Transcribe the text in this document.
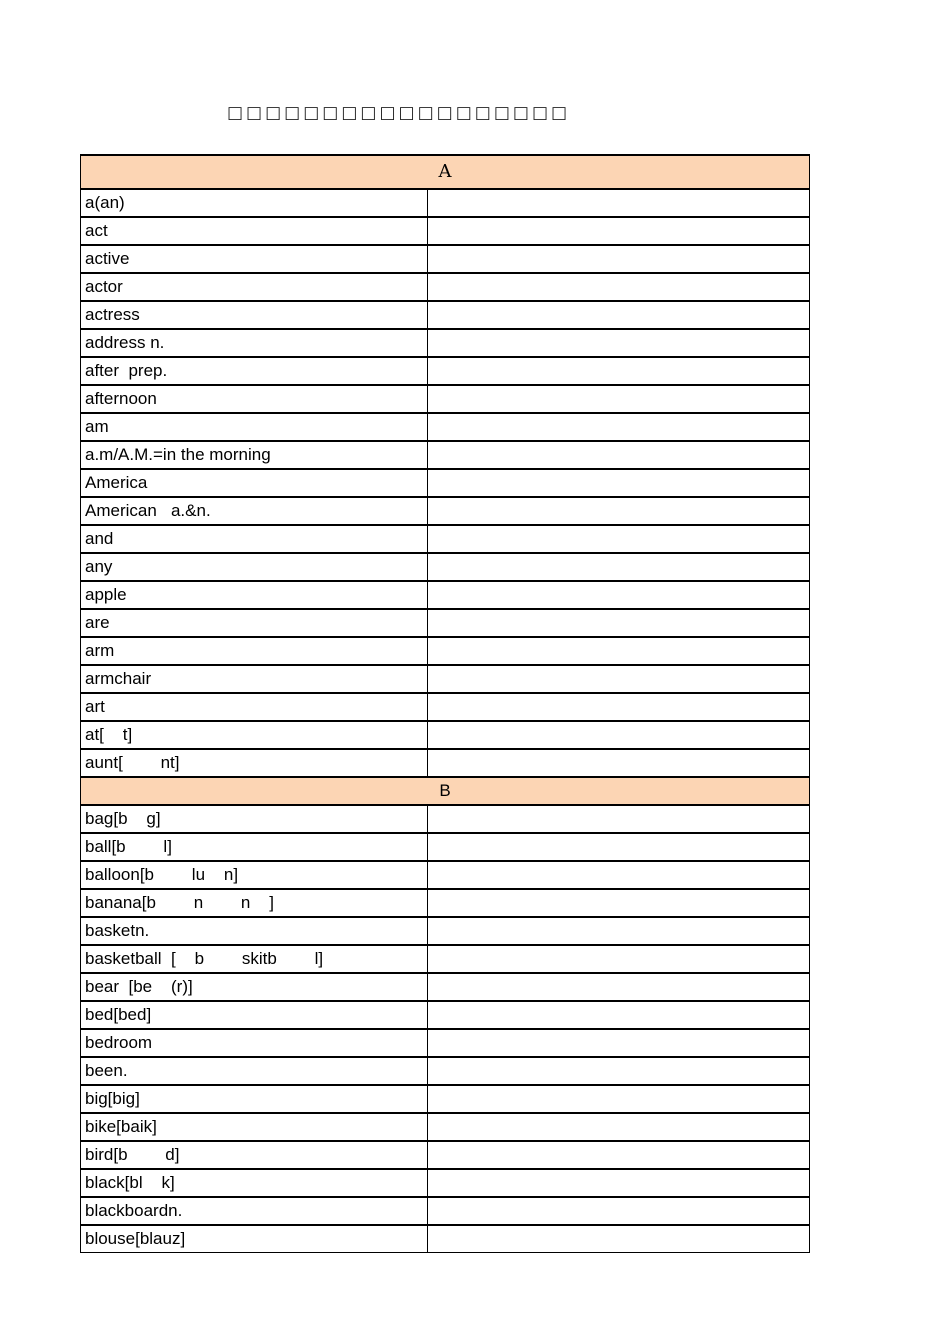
□□□□□□□□□□□□□□□□□□
A	
a(an)	
act	
active	
actor	
actress	
address n.	
after  prep.	
afternoon	
am	
a.m/A.M.=in the morning	
America	
American   a.&n.	
and	
any	
apple	
are	
arm	
armchair	
art	
at[    t]	
aunt[        nt]	
B	
bag[b    g]	
ball[b        l]	
balloon[b        lu    n]	
banana[b        n        n    ]	
basketn.	
basketball  [    b        skitb        l]	
bear  [be    (r)]	
bed[bed]	
bedroom	
been.	
big[big]	
bike[baik]	
bird[b        d]	
black[bl    k]	
blackboardn.	
blouse[blauz]	
